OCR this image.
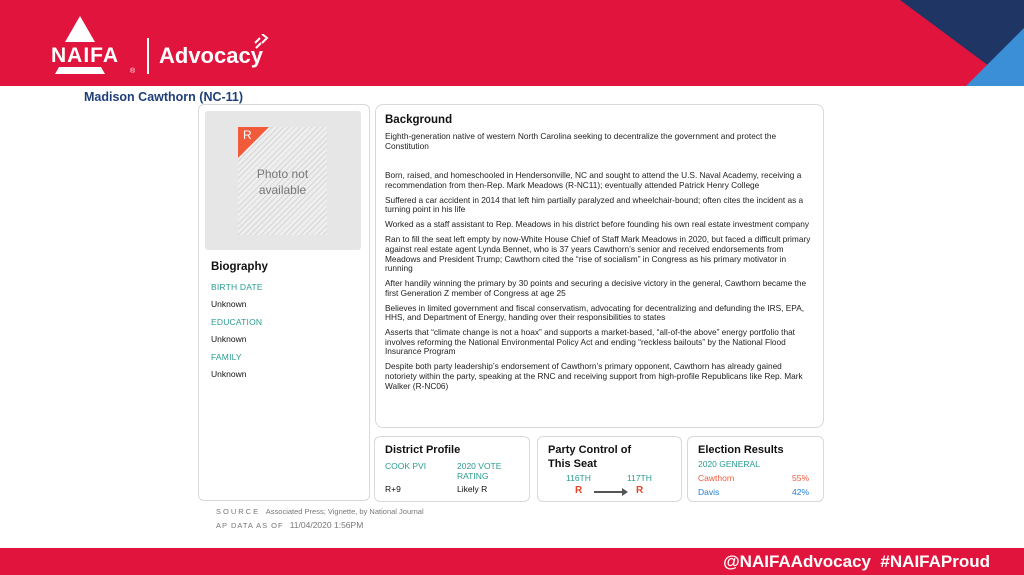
NAIFA
®
Advocacy
Madison Cawthorn (NC-11)
R
Photo not available
Biography
BIRTH DATE
Unknown
EDUCATION
Unknown
FAMILY
Unknown
Background

Eighth-generation native of western North Carolina seeking to decentralize the government and protect the Constitution

Born, raised, and homeschooled in Hendersonville, NC and sought to attend the U.S. Naval Academy, receiving a recommendation from then-Rep. Mark Meadows (R-NC11); eventually attended Patrick Henry College

Suffered a car accident in 2014 that left him partially paralyzed and wheelchair-bound; often cites the incident as a turning point in his life

Worked as a staff assistant to Rep. Meadows in his district before founding his own real estate investment company

Ran to fill the seat left empty by now-White House Chief of Staff Mark Meadows in 2020, but faced a difficult primary against real estate agent Lynda Bennet, who is 37 years Cawthorn’s senior and received endorsements from Meadows and President Trump; Cawthorn cited the “rise of socialism” in Congress as his primary motivator in running

After handily winning the primary by 30 points and securing a decisive victory in the general, Cawthorn became the first Generation Z member of Congress at age 25

Believes in limited government and fiscal conservatism, advocating for decentralizing and defunding the IRS, EPA, HHS, and Department of Energy, handing over their responsibilities to states

Asserts that “climate change is not a hoax” and supports a market-based, “all-of-the above” energy portfolio that involves reforming the National Environmental Policy Act and ending “reckless bailouts” by the National Flood Insurance Program

Despite both party leadership’s endorsement of Cawthorn’s primary opponent, Cawthorn has already gained notoriety within the party, speaking at the RNC and receiving support from high-profile Republicans like Rep. Mark Walker (R-NC06)

District Profile
COOK PVI	2020 VOTE RATING
R+9	Likely R
Party Control of This Seat
116TH	117TH
R	R
Election Results
2020 GENERAL
Cawthorn	55%
Davis	42%
SOURCE Associated Press; Vignette, by National Journal
AP DATA AS OF 11/04/2020 1:56PM
@NAIFAAdvocacy  #NAIFAProud
